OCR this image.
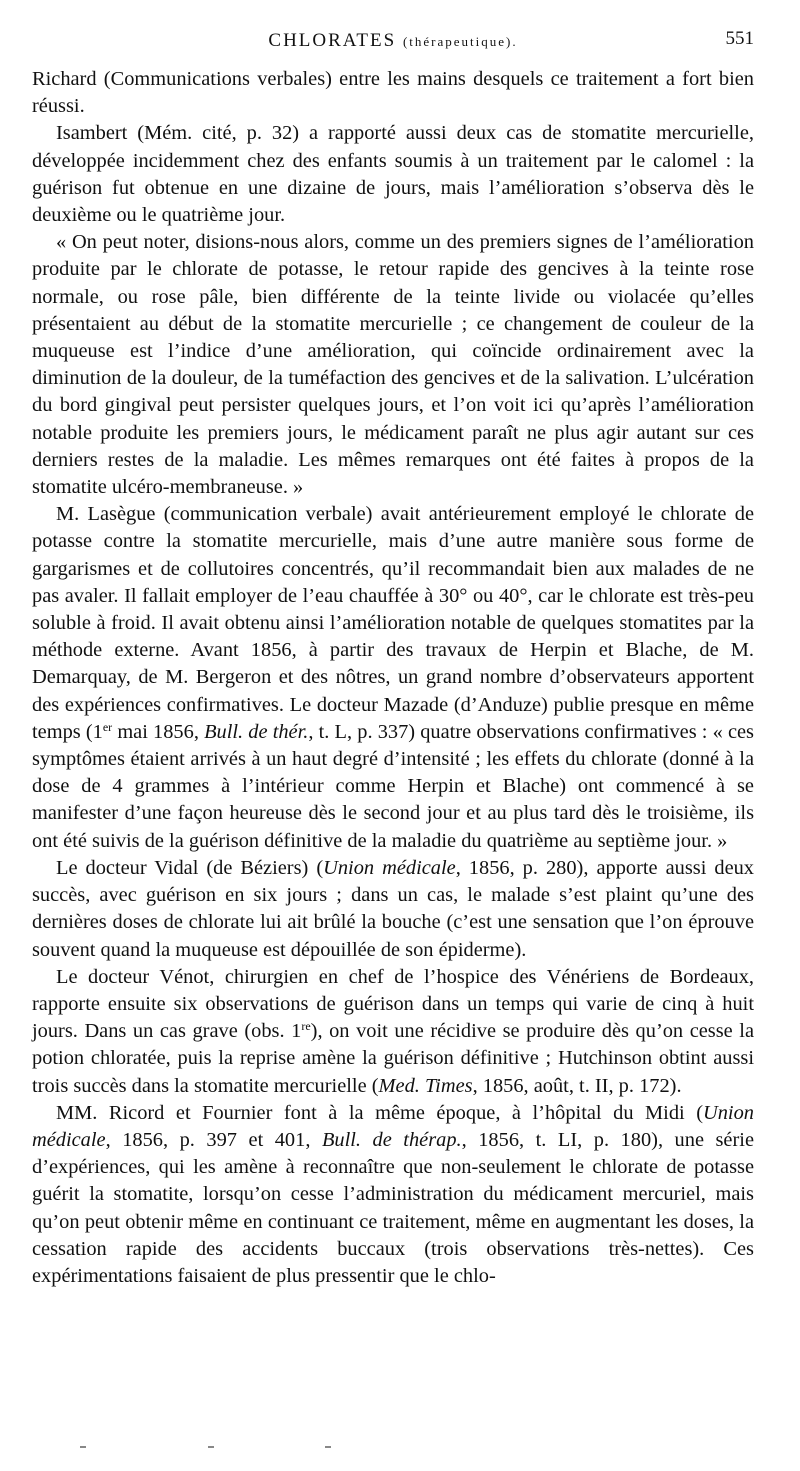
CHLORATES (thérapeutique).	551

Richard (Communications verbales) entre les mains desquels ce traitement a fort bien réussi.

Isambert (Mém. cité, p. 32) a rapporté aussi deux cas de stomatite mercurielle, développée incidemment chez des enfants soumis à un traitement par le calomel : la guérison fut obtenue en une dizaine de jours, mais l’amélioration s’observa dès le deuxième ou le quatrième jour.

« On peut noter, disions-nous alors, comme un des premiers signes de l’amélioration produite par le chlorate de potasse, le retour rapide des gencives à la teinte rose normale, ou rose pâle, bien différente de la teinte livide ou violacée qu’elles présentaient au début de la stomatite mercurielle ; ce changement de couleur de la muqueuse est l’indice d’une amélioration, qui coïncide ordinairement avec la diminution de la douleur, de la tuméfaction des gencives et de la salivation. L’ulcération du bord gingival peut persister quelques jours, et l’on voit ici qu’après l’amélioration notable produite les premiers jours, le médicament paraît ne plus agir autant sur ces derniers restes de la maladie. Les mêmes remarques ont été faites à propos de la stomatite ulcéro-membraneuse. »

M. Lasègue (communication verbale) avait antérieurement employé le chlorate de potasse contre la stomatite mercurielle, mais d’une autre manière sous forme de gargarismes et de collutoires concentrés, qu’il recommandait bien aux malades de ne pas avaler. Il fallait employer de l’eau chauffée à 30° ou 40°, car le chlorate est très-peu soluble à froid. Il avait obtenu ainsi l’amélioration notable de quelques stomatites par la méthode externe. Avant 1856, à partir des travaux de Herpin et Blache, de M. Demarquay, de M. Bergeron et des nôtres, un grand nombre d’observateurs apportent des expériences confirmatives. Le docteur Mazade (d’Anduze) publie presque en même temps (1er mai 1856, Bull. de thér., t. L, p. 337) quatre observations confirmatives : « ces symptômes étaient arrivés à un haut degré d’intensité ; les effets du chlorate (donné à la dose de 4 grammes à l’intérieur comme Herpin et Blache) ont commencé à se manifester d’une façon heureuse dès le second jour et au plus tard dès le troisième, ils ont été suivis de la guérison définitive de la maladie du quatrième au septième jour. »

Le docteur Vidal (de Béziers) (Union médicale, 1856, p. 280), apporte aussi deux succès, avec guérison en six jours ; dans un cas, le malade s’est plaint qu’une des dernières doses de chlorate lui ait brûlé la bouche (c’est une sensation que l’on éprouve souvent quand la muqueuse est dépouillée de son épiderme).

Le docteur Vénot, chirurgien en chef de l’hospice des Vénériens de Bordeaux, rapporte ensuite six observations de guérison dans un temps qui varie de cinq à huit jours. Dans un cas grave (obs. 1re), on voit une récidive se produire dès qu’on cesse la potion chloratée, puis la reprise amène la guérison définitive ; Hutchinson obtint aussi trois succès dans la stomatite mercurielle (Med. Times, 1856, août, t. II, p. 172).

MM. Ricord et Fournier font à la même époque, à l’hôpital du Midi (Union médicale, 1856, p. 397 et 401, Bull. de thérap., 1856, t. LI, p. 180), une série d’expériences, qui les amène à reconnaître que non-seulement le chlorate de potasse guérit la stomatite, lorsqu’on cesse l’administration du médicament mercuriel, mais qu’on peut obtenir même en continuant ce traitement, même en augmentant les doses, la cessation rapide des accidents buccaux (trois observations très-nettes). Ces expérimentations faisaient de plus pressentir que le chlo-
